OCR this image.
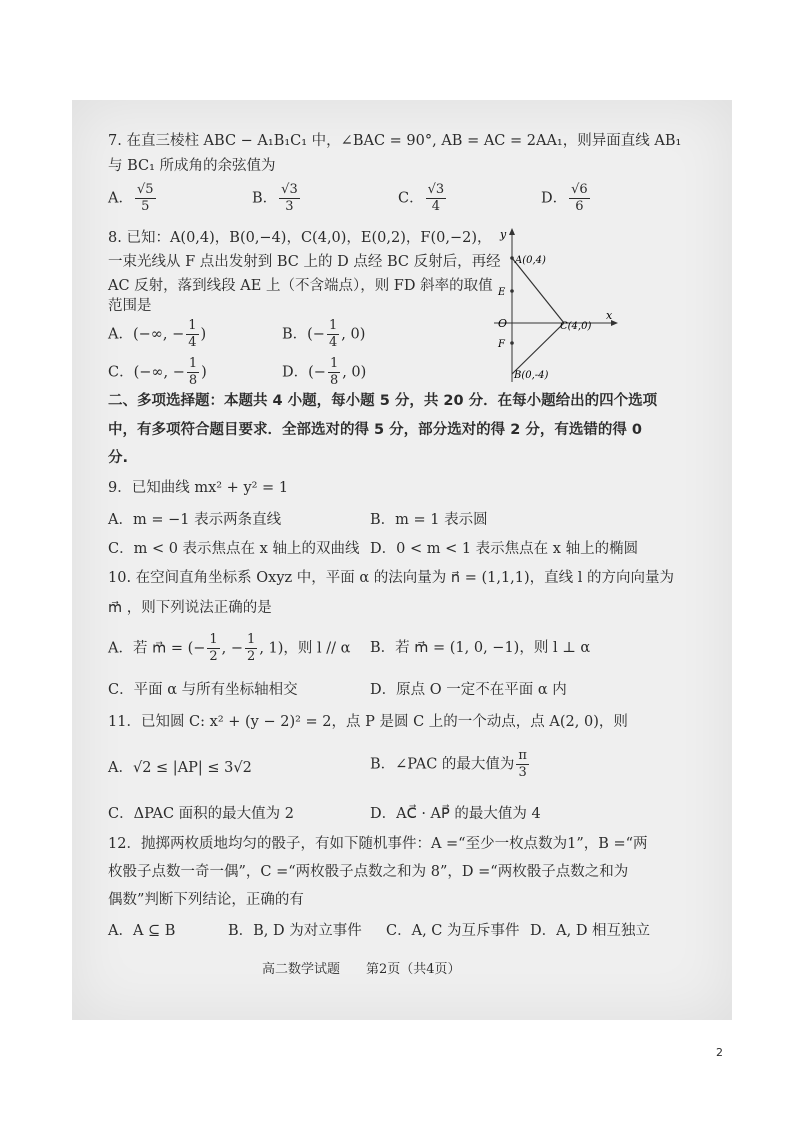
7. 在直三棱柱 ABC − A₁B₁C₁ 中，∠BAC = 90°, AB = AC = 2AA₁，则异面直线 AB₁
与 BC₁ 所成角的余弦值为
A． $\frac{√5}{5}$	B． $\frac{√3}{3}$	C． $\frac{√3}{4}$	D． $\frac{√6}{6}$
8. 已知：A(0,4)，B(0,−4)，C(4,0)，E(0,2)，F(0,−2)，
一束光线从 F 点出发射到 BC 上的 D 点经 BC 反射后，再经
AC 反射，落到线段 AE 上（不含端点），则 FD 斜率的取值
范围是
A．(−∞, − $\frac{1}{4}$ )	B．(− $\frac{1}{4}$ , 0)
C．(−∞, − $\frac{1}{8}$ )	D．(− $\frac{1}{8}$ , 0)
y
x
O
A(0,4)
E
F
C(4,0)
B(0,-4)
二、多项选择题：本题共 4 小题，每小题 5 分，共 20 分．在每小题给出的四个选项
中，有多项符合题目要求．全部选对的得 5 分，部分选对的得 2 分，有选错的得 0
分.
9．已知曲线 mx² + y² = 1
A．m = −1 表示两条直线	B．m = 1 表示圆
C．m < 0 表示焦点在 x 轴上的双曲线 D．0 < m < 1 表示焦点在 x 轴上的椭圆
10. 在空间直角坐标系 Oxyz 中，平面 α 的法向量为 n⃗ = (1,1,1)，直线 l 的方向向量为
m⃗ ，则下列说法正确的是
A．若 m⃗ = (− $\frac{1}{2}$ , − $\frac{1}{2}$ , 1)，则 l // α B．若 m⃗ = (1, 0, −1)，则 l ⊥ α
C．平面 α 与所有坐标轴相交	D．原点 O 一定不在平面 α 内
11．已知圆 C: x² + (y − 2)² = 2，点 P 是圆 C 上的一个动点，点 A(2, 0)，则
A．√2 ≤ |AP| ≤ 3√2	B．∠PAC 的最大值为 $\frac{\pi}{3}$
C．ΔPAC 面积的最大值为 2	D．AC⃗ · AP⃗ 的最大值为 4
12．抛掷两枚质地均匀的骰子，有如下随机事件：A =“至少一枚点数为1”，B =“两
枚骰子点数一奇一偶”，C =“两枚骰子点数之和为 8”，D =“两枚骰子点数之和为
偶数”判断下列结论，正确的有
A．A ⊆ B	B．B, D 为对立事件 C．A, C 为互斥事件 D．A, D 相互独立
高二数学试题　　第2页（共4页）
2
